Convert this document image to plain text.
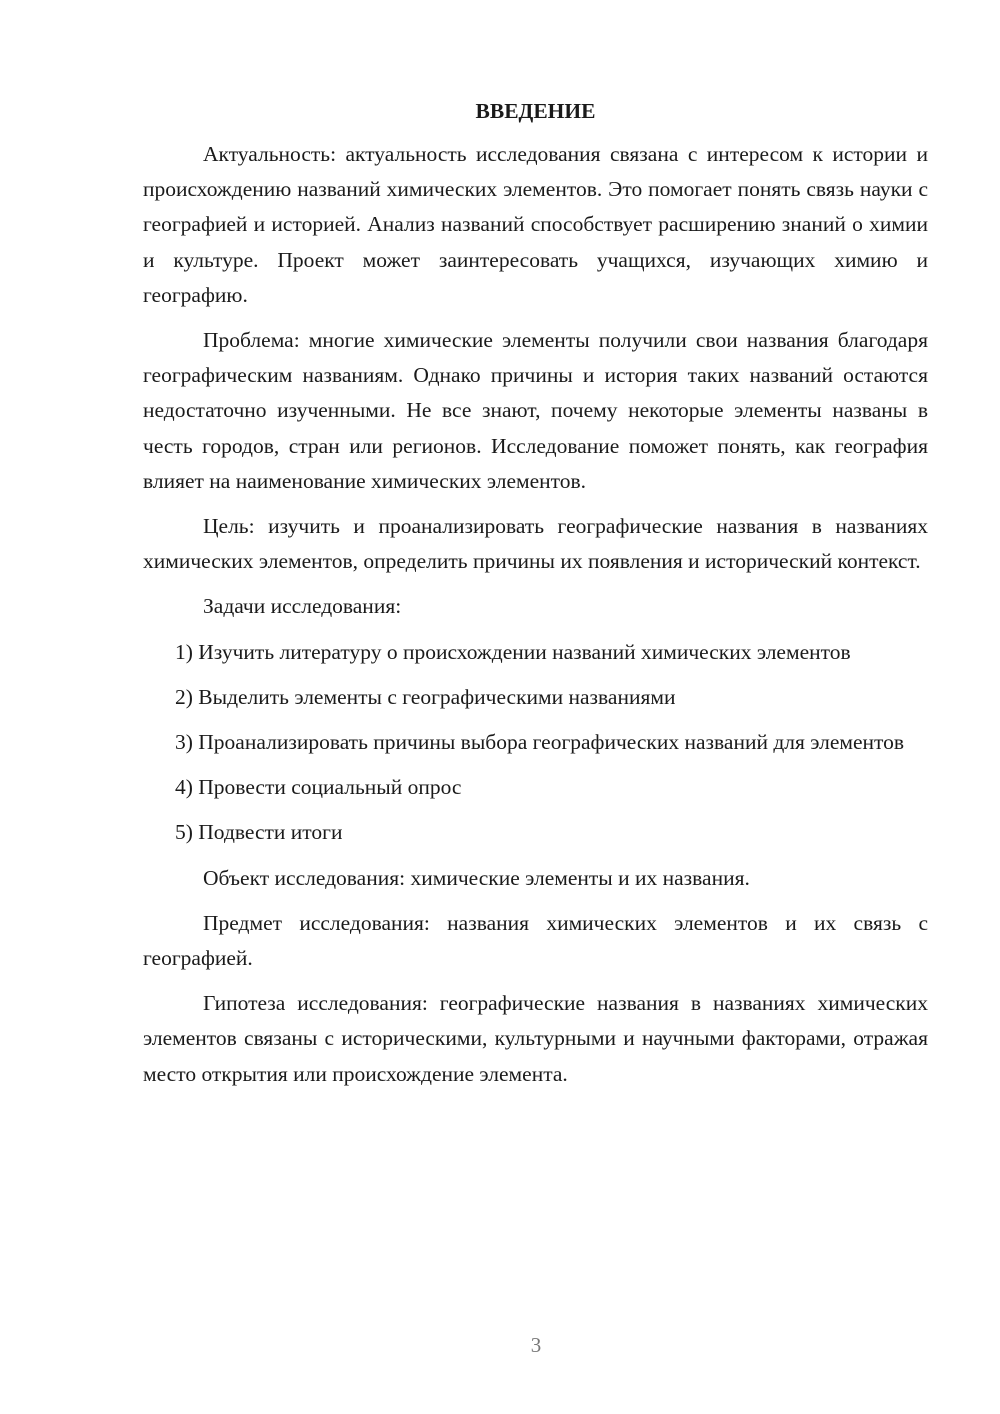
ВВЕДЕНИЕ

Актуальность: актуальность исследования связана с интересом к истории и происхождению названий химических элементов. Это помогает понять связь науки с географией и историей. Анализ названий способствует расширению знаний о химии и культуре. Проект может заинтересовать учащихся, изучающих химию и географию.

Проблема: многие химические элементы получили свои названия благодаря географическим названиям. Однако причины и история таких названий остаются недостаточно изученными. Не все знают, почему некоторые элементы названы в честь городов, стран или регионов. Исследование поможет понять, как география влияет на наименование химических элементов.

Цель: изучить и проанализировать географические названия в названиях химических элементов, определить причины их появления и исторический контекст.

Задачи исследования:

1) Изучить литературу о происхождении названий химических элементов

2) Выделить элементы с географическими названиями

3) Проанализировать причины выбора географических названий для элементов

4) Провести социальный опрос

5) Подвести итоги

Объект исследования: химические элементы и их названия.

Предмет исследования: названия химических элементов и их связь с географией.

Гипотеза исследования: географические названия в названиях химических элементов связаны с историческими, культурными и научными факторами, отражая место открытия или происхождение элемента.

3
